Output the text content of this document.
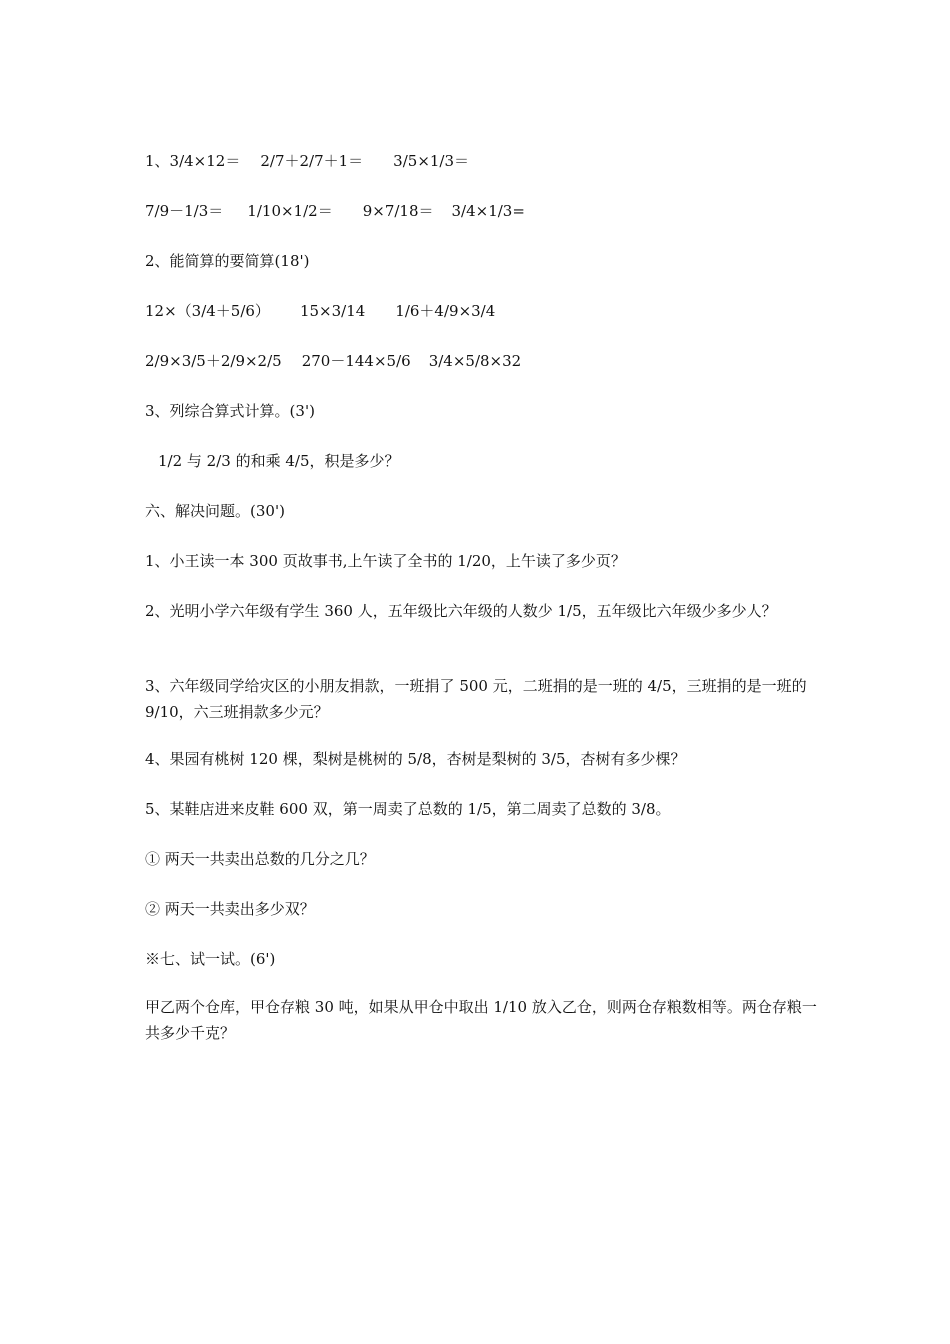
1、3/4×12＝ 2/7＋2/7＋1＝ 3/5×1/3＝
7/9－1/3＝ 1/10×1/2＝ 9×7/18＝ 3/4×1/3=
2、能简算的要简算(18')
12×（3/4＋5/6） 15×3/14 1/6＋4/9×3/4
2/9×3/5＋2/9×2/5 270－144×5/6 3/4×5/8×32
3、列综合算式计算。(3')
1/2 与 2/3 的和乘 4/5，积是多少？
六、解决问题。(30')
1、小王读一本 300 页故事书,上午读了全书的 1/20，上午读了多少页？
2、光明小学六年级有学生 360 人，五年级比六年级的人数少 1/5，五年级比六年级少多少人？
3、六年级同学给灾区的小朋友捐款，一班捐了 500 元，二班捐的是一班的 4/5，三班捐的是一班的 9/10，六三班捐款多少元？
4、果园有桃树 120 棵，梨树是桃树的 5/8，杏树是梨树的 3/5，杏树有多少棵？
5、某鞋店进来皮鞋 600 双，第一周卖了总数的 1/5，第二周卖了总数的 3/8。
① 两天一共卖出总数的几分之几？
② 两天一共卖出多少双？
※七、试一试。(6')
甲乙两个仓库，甲仓存粮 30 吨，如果从甲仓中取出 1/10 放入乙仓，则两仓存粮数相等。两仓存粮一共多少千克？
